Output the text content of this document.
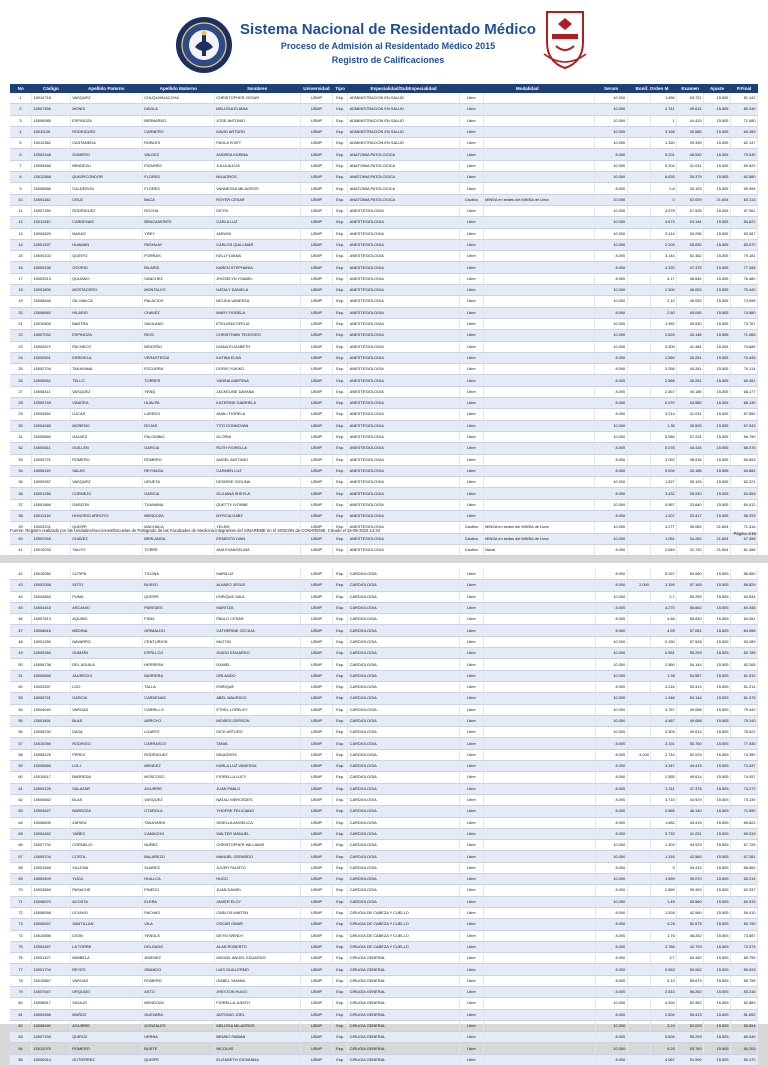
Sistema Nacional de Residentado Médico
Proceso de Admisión al Residentado Médico 2015
Registro de Calificaciones
No	Código	Apellido Paterno	Apellido Materno	Nombres	Universidad	Tipo	Especialidad/SubEspecialidad	Modalidad		Serum	Bonif. Orden M		Examen	Ajuste	P.Final
1	15010718	VASQUEZ	CHUQUIHUACCHA	CHRISTOPHER CESAR	USMP	Esp.	ADMINISTRACION EN SALUD	Libre		10.000		1.656	53.721	15.505	81.142
2	15007456	MONIS	DAVILA	MELISSA ELIANA	USMP	Esp.	ADMINISTRACION EN SALUD	Libre		10.000		4.741	49.614	15.505	80.240
3	15006085	ESPINOZA	BERNARDO	JOSE ANTONIO	USMP	Esp.	ADMINISTRACION EN SALUD	Libre		10.000		1	44.415	15.505	71.080
4	15011126	RODRIGUEZ	CARNERO	DAVID ARTURO	USMP	Esp.	ADMINISTRACION EN SALUD	Libre		10.000		3.165	40.585	15.505	69.289
5	15010382	CASTANEDA	ROBLES	PAOLA IVVET	USMP	Esp.	ADMINISTRACION EN SALUD	Libre		10.000		1.320	39.339	15.505	62.147
6	15002448	GOMERO	VALDEZ	ANDREA KARINA	USMP	Esp.	ANATOMIA PATOLOGICA	Libre		8.000		5.201	48.530	15.505	70.040
7	15005468	BENDEZU	PIZARRO	JULIA ALICIA	USMP	Esp.	ANATOMIA PATOLOGICA	Libre		10.000		5.204	41.031	15.505	69.620
8	15012568	QUISPICONDOR	FLORES	MILAGROS	USMP	Esp.	ANATOMIA PATOLOGICA	Libre		10.000		6.635	39.379	15.505	62.580
9	15006856	CALDERON	FLORES	VANNESSA MILAGROS	USMP	Esp.	ANATOMIA PATOLOGICA	Libre		8.000		0.8	35.193	15.505	59.494
10	15001162	CRUZ	BACA	ROYER CESAR	USMP	Esp.	ANATOMIA PATOLOGICA	Cautivo	MINSA en sedes del MINSA de Lima	10.000		0	52.029	21.604	63.113
11	15007280	RODRIGUEZ	ROCHA	DEYSI	USMP	Esp.	ANESTESIOLOGIA	Libre		10.000		4.578	57.528	15.505	87.061
12	15011340	CARDENAS	BRACAMONTE	CARLA LUZ	USMP	Esp.	ANESTESIOLOGIA	Libre		10.000		4.673	54.144	15.505	84.622
13	15004620	NAKAO	YREY	JARUMI	USMP	Esp.	ANESTESIOLOGIA	Libre		10.000		5.114	53.298	15.505	83.087
14	15001537	HUAMAN	PASHUAY	CARLOS QUILLMAR	USMP	Esp.	ANESTESIOLOGIA	Libre		10.000		2.203	55.830	15.505	83.070
15	15000102	QUINTO	PORRAS	KELLY DIANA	USMP	Esp.	ANESTESIOLOGIA	Libre		8.000		3.144	52.452	15.505	79.181
16	15009136	OSORIO	BILARDI	KAREN STEPHANIA	USMP	Esp.	ANESTESIOLOGIA	Libre		8.000		4.320	47.375	15.505	77.284
17	15002513	QUIJANO	SANCHEZ	JHOSELYN YSABEL	USMP	Esp.	ANESTESIOLOGIA	Libre		8.000		4.17	48.645	15.505	76.480
18	15001800	MOSTACERO	MONTALVO	NATALY DANIELA	USMP	Esp.	ANESTESIOLOGIA	Libre		10.000		2.900	46.053	15.505	75.440
19	15008646	GIL MALCA	PALACIOS	NELIDA VANESSA	USMP	Esp.	ANESTESIOLOGIA	Libre		10.000		2.10	46.053	15.505	74.098
20	15008840	HILARIO	CHAVEZ	MARY FIORELA	USMP	Esp.	ANESTESIOLOGIA	Libre		8.000		2.80	45.045	15.505	74.580
21	15010805	BARTRA	SAVILANO	ETELVINA OFELIA	USMP	Esp.	ANESTESIOLOGIA	Libre		10.000		1.952	45.530	15.505	73.767
22	15007032	ESPINOZA	RIOS	CHRISTHIAN TEODORO	USMP	Esp.	ANESTESIOLOGIA	Libre		10.000		2.624	43.146	15.505	71.065
23	15002672	PACHECO	BRICEÑO	DIANA ELIZABETH	USMP	Esp.	ANESTESIOLOGIA	Libre		10.000		3.300	41.484	15.505	70.685
24	15000501	ERRIVELA	VERASTEGUI	KATINA ELNA	USMP	Esp.	ANESTESIOLOGIA	Libre		8.000		1.569	45.261	15.505	70.445
25	15002704	TAKAYAMA	ESCURRA	DORIS YUKIKO	USMP	Esp.	ANESTESIOLOGIA	Libre		8.000		3.268	45.261	15.505	70.114
26	15006562	TELLO	TORRES	YANINA MARTINA	USMP	Esp.	ANESTESIOLOGIA	Libre		8.000		2.565	45.261	15.505	69.451
27	15006411	VASQUEZ	YENQ	JACKELINE DAYANA	USMP	Esp.	ANESTESIOLOGIA	Libre		8.000		2.467	40.185	15.505	68.177
28	15000749	VINATEA	HUALPA	KATERINE GABRIELA	USMP	Esp.	ANESTESIOLOGIA	Libre		8.000		0.970	43.589	15.505	68.130
29	15004552	LUCAS	LAREDO	ANALI FIORELA	USMP	Esp.	ANESTESIOLOGIA	Libre		8.000		3.214	41.031	15.505	67.850
30	15004045	MORENO	ROJAS	TITO DONNOVAN	USMP	Esp.	ANESTESIOLOGIA	Libre		10.000		1.35	40.593	15.505	67.543
31	15005660	GALVEZ	PALOMINO	GLORIA	USMP	Esp.	ANESTESIOLOGIA	Libre		10.000		3.980	37.224	15.505	66.790
32	15000811	GUILLEN	GARCIA	RUTH FIORELLA	USMP	Esp.	ANESTESIOLOGIA	Libre		8.000		0.078	44.415	15.505	66.076
33	15009721	ROMERO	ROMERO	ANGEL ANTONIO	USMP	Esp.	ANESTESIOLOGIA	Libre		8.000		3.052	38.916	15.505	65.553
34	15008115	SALAS	REYNAGA	CARMEN LUZ	USMP	Esp.	ANESTESIOLOGIA	Libre		8.000		0.004	40.185	15.505	63.684
35	15009357	VASQUEZ	URUETA	DENISSE GIOLINA	USMP	Esp.	ANESTESIOLOGIA	Libre		10.000		1.527	35.193	15.505	62.221
36	15001285	CORNEJO	GARCIA	GLILIANA SHEYLA	USMP	Esp.	ANESTESIOLOGIA	Libre		8.000		3.432	35.910	15.505	63.553
37	15001666	GARZON	TUANAMA	QUETTY IVONNE	USMP	Esp.	ANESTESIOLOGIA	Libre		10.000		0.967	33.640	15.505	60.412
38	15011316	HONORIO ARROYO	MENDOZA	MYRCIA GABY	USMP	Esp.	ANESTESIOLOGIA	Libre		8.000		1.207	33.417	15.505	58.293
39	15003201	QUISPE	MACHACA	YELEM	USMP	Esp.	ANESTESIOLOGIA	Cautivo	MINSA en sedes del MINSA de Lima	10.000		4.277	35.083	21.604	71.316
40	15002945	CHAVEZ	BERLANGA	ERNESTO IVAN	USMP	Esp.	ANESTESIOLOGIA	Cautivo	MINSA en sedes del MINSA de Lima	10.000		1.051	34.283	21.604	67.396
41	15010033	YAUYO	TORRE	ANA EVANGELINA	USMP	Esp.	ANESTESIOLOGIA	Cautivo	Naval	8.000		2.649	31.720	21.604	61.456
Fuente: Registro realizado por las Unidades/Secciones/Escuelas de Postgrado de las Facultades de Medicina integrantes del SINAREME en el SIGESIN de CONAREME. Creado el 15-08-2015 14:34
Página 1/16
42	15010050	CUTIPA	TICONA	MARILUZ	USMP	Esp.	CARDIOLOGIA	Libre		8.000		5.267	63.080	15.505	86.550
43	15002058	SOTO	BUSSO	ALVARO JESUS	USMP	Esp.	CARDIOLOGIA	Libre		8.000	2.000	3.159	57.165	15.505	85.829
44	15004653	PUMA	QUISPE	ENRIQUE SAUL	USMP	Esp.	CARDIOLOGIA	Libre		10.000		2.7	55.259	15.505	84.544
45	15004418	ASCANIO	PAREDES	MARITZA	USMP	Esp.	CARDIOLOGIA	Libre		8.000		4.270	56.662	15.505	84.345
46	15007613	AQUINO	FIDEL	PAULO CESAR	USMP	Esp.	CARDIOLOGIA	Libre		8.000		4.86	55.830	15.505	84.281
47	15006616	MEDINA	GRIMALDO	CATHERINE CECILIA	USMP	Esp.	CARDIOLOGIA	Libre		8.000		4.55	57.081	15.505	84.066
48	15001255	NAVARRO	CENTURION	MILTON	USMP	Esp.	CARDIOLOGIA	Libre		10.000		0.150	57.528	15.505	83.289
49	15009340	GUMAÑI	ESPILLCO	GUIDO EDUARDO	USMP	Esp.	CARDIOLOGIA	Libre		10.000		0.951	55.259	15.505	82.785
50	15006738	DEL AGUILA	HERRERA	DANIEL	USMP	Esp.	CARDIOLOGIA	Libre		10.000		2.560	54.144	15.505	82.265
51	15008655	JAUREGUI	BARRERA	ORLANDO	USMP	Esp.	CARDIOLOGIA	Libre		10.000		1.36	54.587	15.505	81.512
52	15003337	LOO	TALLA	ENRIQUE	USMP	Esp.	CARDIOLOGIA	Libre		8.000		4.216	53.413	15.505	81.214
53	15005741	GARCIA	CARDENAS	ABEL MAURICIO	USMP	Esp.	CARDIOLOGIA	Libre		10.000		1.346	54.144	15.505	81.075
54	15004040	VARGAS	CARRILLO	ETHEL LORELEY	USMP	Esp.	CARDIOLOGIA	Libre		10.000		4.767	49.088	15.505	79.440
55	15001891	BLAS	ARROYO	MOISES GERSON	USMP	Esp.	CARDIOLOGIA	Libre		10.000		4.467	49.088	15.505	79.140
56	15008230	DAZA	LOARTE	DICK ARTURO	USMP	Esp.	CARDIOLOGIA	Libre		10.000		3.303	49.614	15.505	78.522
57	15010266	RODRIGO	CARRASCO	TANIA	USMP	Esp.	CARDIOLOGIA	Libre		8.000		3.191	50.760	15.505	77.530
58	15008125	PEREZ	RODRIGUEZ	MILAGROS	USMP	Esp.	CARDIOLOGIA	Libre		8.000	4.000	2.744	52.029	15.505	74.350
59	15005665	LOLI	MENDEZ	KARLA LUZ VANESSA	USMP	Esp.	CARDIOLOGIA	Libre		8.000		4.347	44.415	15.505	74.347
60	15010617	BARREDA	MOSCOSO	FIORELLA LUCY	USMP	Esp.	CARDIOLOGIA	Libre		8.000		2.555	49.614	15.505	74.057
61	15009125	SALAZAR	AGUIRRE	JUAN PABLO	USMP	Esp.	CARDIOLOGIA	Libre		8.000		2.311	47.375	15.505	73.272
62	15000682	BLAS	VASQUEZ	NATALI MERCEDES	USMP	Esp.	CARDIOLOGIA	Libre		8.000		4.715	44.929	15.505	73.139
63	15004627	BARBOZA	OTAROLA	YHOFRE FELICIANO	USMP	Esp.	CARDIOLOGIA	Libre		8.000		2.865	46.140	15.505	71.590
64	15006605	ZAPATA	TAKAYASHI	GISELLA ANGELICA	USMP	Esp.	CARDIOLOGIA	Libre		8.000		1.682	44.415	15.505	69.822
65	15004462	YAÑEZ	CAMACHO	WALTER MANUEL	USMP	Esp.	CARDIOLOGIA	Libre		8.000		3.733	41.031	15.505	69.319
66	15007702	CORNELIO	NUÑEZ	CHRISTOPHER WILLIAMS	USMP	Esp.	CARDIOLOGIA	Libre		10.000		1.303	44.929	15.505	67.726
67	15009704	COSTA	BALAREZO	MANUEL GERARDO	USMP	Esp.	CARDIOLOGIA	Libre		10.000		1.316	42.560	15.505	67.281
68	15001648	VILLENA	SUAREZ	JUVER FAUSTO	USMP	Esp.	CARDIOLOGIA	Libre		8.000		0	44.415	15.505	68.060
69	15009409	YUCA	HUILLCA	HUGO	USMP	Esp.	CARDIOLOGIA	Libre		10.000		1.559	39.070	15.505	65.214
70	15003684	PASACHE	PINEDO	JUAN DANIEL	USMP	Esp.	CARDIOLOGIA	Libre		8.000		2.859	39.493	15.505	62.937
71	15006570	ACOSTA	ELERA	JAVIER ELOY	USMP	Esp.	CARDIOLOGIA	Libre		10.000		1.49	33.560	15.505	60.915
72	15006058	LEYANO	PACHAS	CARLOS MARTIN	USMP	Esp.	CIRUGIA DE CABEZA Y CUELLO	Libre		8.000		1.528	42.560	15.505	59.410
73	15006597	SANTILLAN	VILA	OSCAR OMAR	USMP	Esp.	CIRUGIA DE CABEZA Y CUELLO	Libre		8.000		4.26	52.575	15.505	80.790
74	15010856	LEON	YENGLE	DEYSI WENDY	USMP	Esp.	CIRUGIA DE CABEZA Y CUELLO	Libre		8.000		1.76	48.282	15.505	73.587
75	15004267	LA TORRE	DELGADO	ALAN ROBERTO	USMP	Esp.	CIRUGIA DE CABEZA Y CUELLO	Libre		8.000		3.766	42.793	15.505	72.074
76	15001427	MIMBELA	JIMENEZ	MIGUEL ANGEL EDUARDO	USMP	Esp.	CIRUGIA GENERAL	Libre		8.000		3.7	63.450	15.505	89.755
77	15001704	REYES	OBANDO	LUIS GUILLERMO	USMP	Esp.	CIRUGIA GENERAL	Libre		8.000		0.963	59.062	15.505	89.093
78	15010867	VARGAS	ROMERO	ISABEL YANINA	USMP	Esp.	CIRUGIA GENERAL	Libre		8.000		5.10	55.675	15.505	85.758
79	15007647	URQUIZO	ASTO	JHEYZON HUGO	USMP	Esp.	CIRUGIA GENERAL	Libre		8.000		2.513	56.260	15.505	83.316
80	15008817	SAYAJO	MENDOZA	FIORELLA JUDITH	USMP	Esp.	CIRUGIA GENERAL	Libre		10.000		4.926	52.452	15.505	82.883
81	15009456	MUÑOZ	GUEVARA	ANTONIO JOEL	USMP	Esp.	CIRUGIA GENERAL	Libre		8.000		2.604	55.413	15.505	81.652
82	15008490	AGUIRRE	GONZALES	MELISSA MILAGROS	USMP	Esp.	CIRUGIA GENERAL	Libre		10.000		3.24	52.029	15.505	80.654
83	15007194	QUIROZ	HERNA	BRUNO FABIAN	USMP	Esp.	CIRUGIA GENERAL	Libre		8.000		5.604	55.259	15.505	80.040
84	15012078	ROMERO	BUSTE	NICOLAS	USMP	Esp.	CIRUGIA GENERAL	Libre		10.000		4.20	53.760	15.505	80.205
85	15000914	GUTIERREZ	QUISPE	ELIZABETH GIOVANNA	USMP	Esp.	CIRUGIA GENERAL	Libre		8.000		4.067	51.590	15.505	80.170
